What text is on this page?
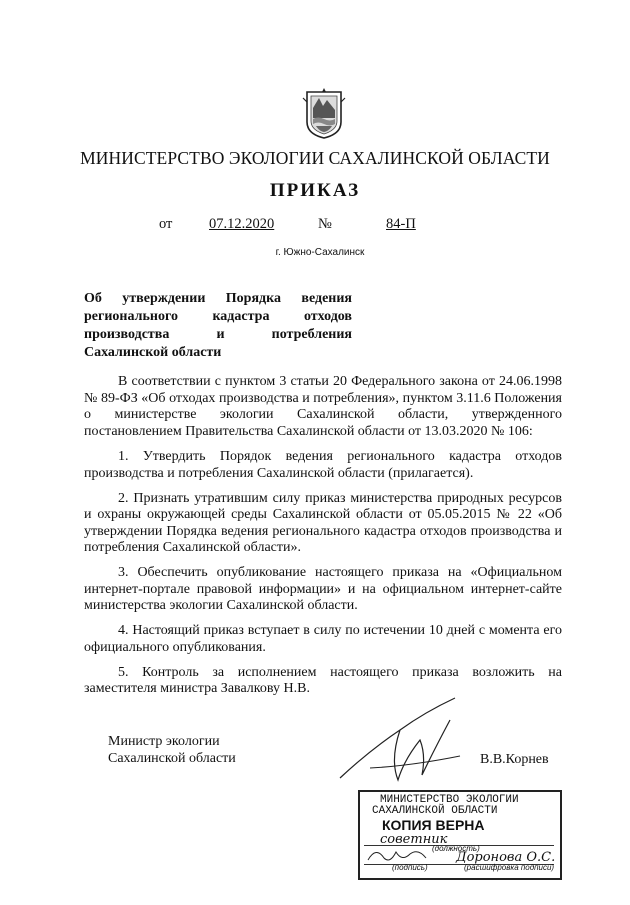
МИНИСТЕРСТВО ЭКОЛОГИИ САХАЛИНСКОЙ ОБЛАСТИ
ПРИКАЗ
от	07.12.2020	№	84-П
г. Южно-Сахалинск
Об утверждении Порядка ведения регионального кадастра отходов производства и потребления Сахалинской области

В соответствии с пунктом 3 статьи 20 Федерального закона от 24.06.1998 № 89-ФЗ «Об отходах производства и потребления», пунктом 3.11.6 Положения о министерстве экологии Сахалинской области, утвержденного постановлением Правительства Сахалинской области от 13.03.2020 № 106:

1. Утвердить Порядок ведения регионального кадастра отходов производства и потребления Сахалинской области (прилагается).

2. Признать утратившим силу приказ министерства природных ресурсов и охраны окружающей среды Сахалинской области от 05.05.2015 № 22 «Об утверждении Порядка ведения регионального кадастра отходов производства и потребления Сахалинской области».

3. Обеспечить опубликование настоящего приказа на «Официальном интернет-портале правовой информации» и на официальном интернет-сайте министерства экологии Сахалинской области.

4. Настоящий приказ вступает в силу по истечении 10 дней с момента его официального опубликования.

5. Контроль за исполнением настоящего приказа возложить на заместителя министра Завалкову Н.В.

Министр экологии
Сахалинской области	В.В.Корнев
МИНИСТЕРСТВО ЭКОЛОГИИ
САХАЛИНСКОЙ ОБЛАСТИ
КОПИЯ ВЕРНА
советник
(должность)
Доронова О.С.
(подпись)	(расшифровка подписи)
